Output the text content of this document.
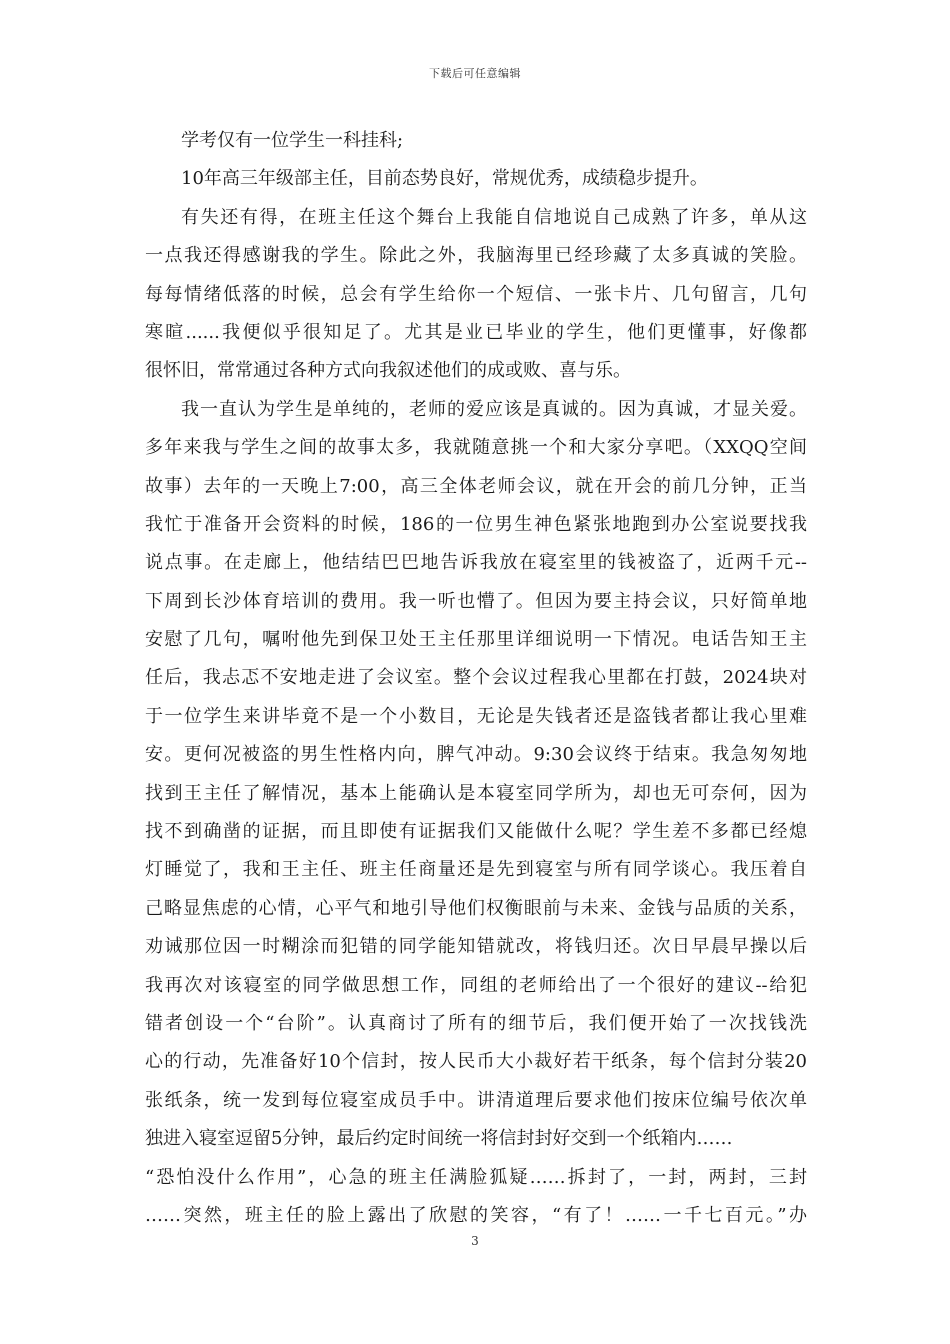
下载后可任意编辑
学考仅有一位学生一科挂科;
10年高三年级部主任，目前态势良好，常规优秀，成绩稳步提升。
有失还有得，在班主任这个舞台上我能自信地说自己成熟了许多，单从这
一点我还得感谢我的学生。除此之外，我脑海里已经珍藏了太多真诚的笑脸。
每每情绪低落的时候，总会有学生给你一个短信、一张卡片、几句留言，几句
寒暄......我便似乎很知足了。尤其是业已毕业的学生，他们更懂事，好像都
很怀旧，常常通过各种方式向我叙述他们的成或败、喜与乐。
我一直认为学生是单纯的，老师的爱应该是真诚的。因为真诚，才显关爱。
多年来我与学生之间的故事太多，我就随意挑一个和大家分享吧。（XXQQ空间
故事）去年的一天晚上7:00，高三全体老师会议，就在开会的前几分钟，正当
我忙于准备开会资料的时候，186的一位男生神色紧张地跑到办公室说要找我
说点事。在走廊上，他结结巴巴地告诉我放在寝室里的钱被盗了，近两千元--
下周到长沙体育培训的费用。我一听也懵了。但因为要主持会议，只好简单地
安慰了几句，嘱咐他先到保卫处王主任那里详细说明一下情况。电话告知王主
任后，我忐忑不安地走进了会议室。整个会议过程我心里都在打鼓，2024块对
于一位学生来讲毕竟不是一个小数目，无论是失钱者还是盗钱者都让我心里难
安。更何况被盗的男生性格内向，脾气冲动。9:30会议终于结束。我急匆匆地
找到王主任了解情况，基本上能确认是本寝室同学所为，却也无可奈何，因为
找不到确凿的证据，而且即使有证据我们又能做什么呢？学生差不多都已经熄
灯睡觉了，我和王主任、班主任商量还是先到寝室与所有同学谈心。我压着自
己略显焦虑的心情，心平气和地引导他们权衡眼前与未来、金钱与品质的关系，
劝诫那位因一时糊涂而犯错的同学能知错就改，将钱归还。次日早晨早操以后
我再次对该寝室的同学做思想工作，同组的老师给出了一个很好的建议--给犯
错者创设一个“台阶”。认真商讨了所有的细节后，我们便开始了一次找钱洗
心的行动，先准备好10个信封，按人民币大小裁好若干纸条，每个信封分装20
张纸条，统一发到每位寝室成员手中。讲清道理后要求他们按床位编号依次单
独进入寝室逗留5分钟，最后约定时间统一将信封封好交到一个纸箱内……
“恐怕没什么作用”，心急的班主任满脸狐疑……拆封了，一封，两封，三封
……突然，班主任的脸上露出了欣慰的笑容，“有了！……一千七百元。”办
3
